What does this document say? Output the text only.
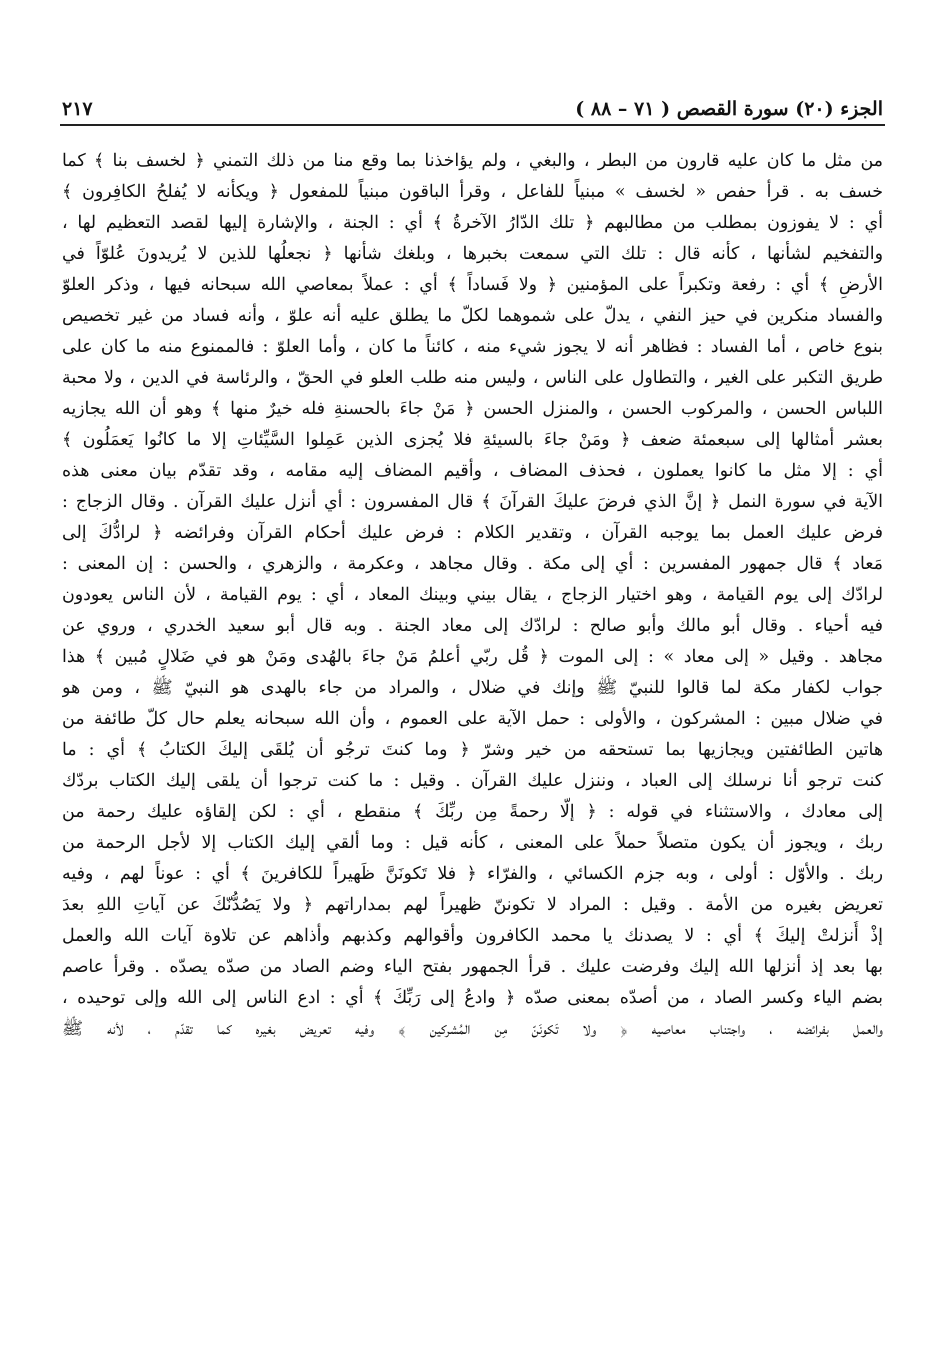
الجزء (٢٠) سورة القصص ( ٧١ – ٨٨ )
٢١٧
من مثل ما كان عليه قارون من البطر ، والبغي ، ولم يؤاخذنا بما وقع منا من ذلك التمني ﴿ لخسف بنا ﴾ كما
خسف به . قرأ حفص « لخسف » مبنياً للفاعل ، وقرأ الباقون مبنياً للمفعول ﴿ ويكأنه لا يُفلحُ الكافِرون ﴾
أي : لا يفوزون بمطلب من مطالبهم ﴿ تلك الدّارُ الآخرةُ ﴾ أي : الجنة ، والإشارة إليها لقصد التعظيم لها ،
والتفخيم لشأنها ، كأنه قال : تلك التي سمعت بخبرها ، وبلغك شأنها ﴿ نجعلُها للذين لا يُريدونَ عُلوّاً في
الأرضِ ﴾ أي : رفعة وتكبراً على المؤمنين ﴿ ولا فَساداً ﴾ أي : عملاً بمعاصي الله سبحانه فيها ، وذكر العلوّ
والفساد منكرين في حيز النفي ، يدلّ على شموهما لكلّ ما يطلق عليه أنه علوّ ، وأنه فساد من غير تخصيص
بنوع خاص ، أما الفساد : فظاهر أنه لا يجوز شيء منه ، كائناً ما كان ، وأما العلوّ : فالممنوع منه ما كان على
طريق التكبر على الغير ، والتطاول على الناس ، وليس منه طلب العلو في الحقّ ، والرئاسة في الدين ، ولا محبة
اللباس الحسن ، والمركوب الحسن ، والمنزل الحسن ﴿ مَنْ جاءَ بالحسنةِ فله خيرٌ منها ﴾ وهو أن الله يجازيه
بعشر أمثالها إلى سبعمئة ضعف ﴿ ومَنْ جاءَ بالسيئةِ فلا يُجزى الذين عَمِلوا السَّيِّئاتِ إلا ما كانُوا يَعمَلُون ﴾
أي : إلا مثل ما كانوا يعملون ، فحذف المضاف ، وأقيم المضاف إليه مقامه ، وقد تقدّم بيان معنى هذه
الآية في سورة النمل ﴿ إنَّ الذي فرضَ عليكَ القرآنَ ﴾ قال المفسرون : أي أنزل عليك القرآن . وقال الزجاج :
فرض عليك العمل بما يوجبه القرآن ، وتقدير الكلام : فرض عليك أحكام القرآن وفرائضه ﴿ لرادُّكَ إلى
مَعاد ﴾ قال جمهور المفسرين : أي إلى مكة . وقال مجاهد ، وعكرمة ، والزهري ، والحسن : إن المعنى :
لرادّك إلى يوم القيامة ، وهو اختيار الزجاج ، يقال بيني وبينك المعاد ، أي : يوم القيامة ، لأن الناس يعودون
فيه أحياء . وقال أبو مالك وأبو صالح : لرادّك إلى معاد الجنة . وبه قال أبو سعيد الخدري ، وروي عن
مجاهد . وقيل « إلى معاد » : إلى الموت ﴿ قُل ربّي أعلمُ مَنْ جاءَ بالهُدى ومَنْ هو في ضَلالٍ مُبين ﴾ هذا
جواب لكفار مكة لما قالوا للنبيّ ﷺ وإنك في ضلال ، والمراد من جاء بالهدى هو النبيّ ﷺ ، ومن هو
في ضلال مبين : المشركون ، والأولى : حمل الآية على العموم ، وأن الله سبحانه يعلم حال كلّ طائفة من
هاتين الطائفتين ويجازيها بما تستحقه من خير وشرّ ﴿ وما كنتَ ترجُو أن يُلقَى إليكَ الكتابُ ﴾ أي : ما
كنت ترجو أنا نرسلك إلى العباد ، وننزل عليك القرآن . وقيل : ما كنت ترجوا أن يلقى إليك الكتاب بردّك
إلى معادك ، والاستثناء في قوله : ﴿ إلّا رحمةً مِن ربِّكَ ﴾ منقطع ، أي : لكن إلقاؤه عليك رحمة من
ربك ، ويجوز أن يكون متصلاً حملاً على المعنى ، كأنه قيل : وما ألقي إليك الكتاب إلا لأجل الرحمة من
ربك . والأوّل : أولى ، وبه جزم الكسائي ، والفرّاء ﴿ فلا تَكونَنَّ ظَهيراً للكافرينَ ﴾ أي : عوناً لهم ، وفيه
تعريض بغيره من الأمة . وقيل : المراد لا تكوننّ ظهيراً لهم بمداراتهم ﴿ ولا يَصُدُّنّكَ عن آياتِ اللهِ بعدَ
إذْ أُنزلتْ إليكَ ﴾ أي : لا يصدنك يا محمد الكافرون وأقوالهم وكذبهم وأذاهم عن تلاوة آيات الله والعمل
بها بعد إذ أنزلها الله إليك وفرضت عليك . قرأ الجمهور بفتح الياء وضم الصاد من صدّه يصدّه . وقرأ عاصم
بضم الياء وكسر الصاد ، من أصدّه بمعنى صدّه ﴿ وادعُ إلى رَبِّكَ ﴾ أي : ادع الناس إلى الله وإلى توحيده ،
والعمل بفرائضه ، واجتناب معاصيه ﴿ ولا تَكونَنّ مِن المُشركين ﴾ وفيه تعريض بغيره كما تقدّم ، لأنه ﷺ
